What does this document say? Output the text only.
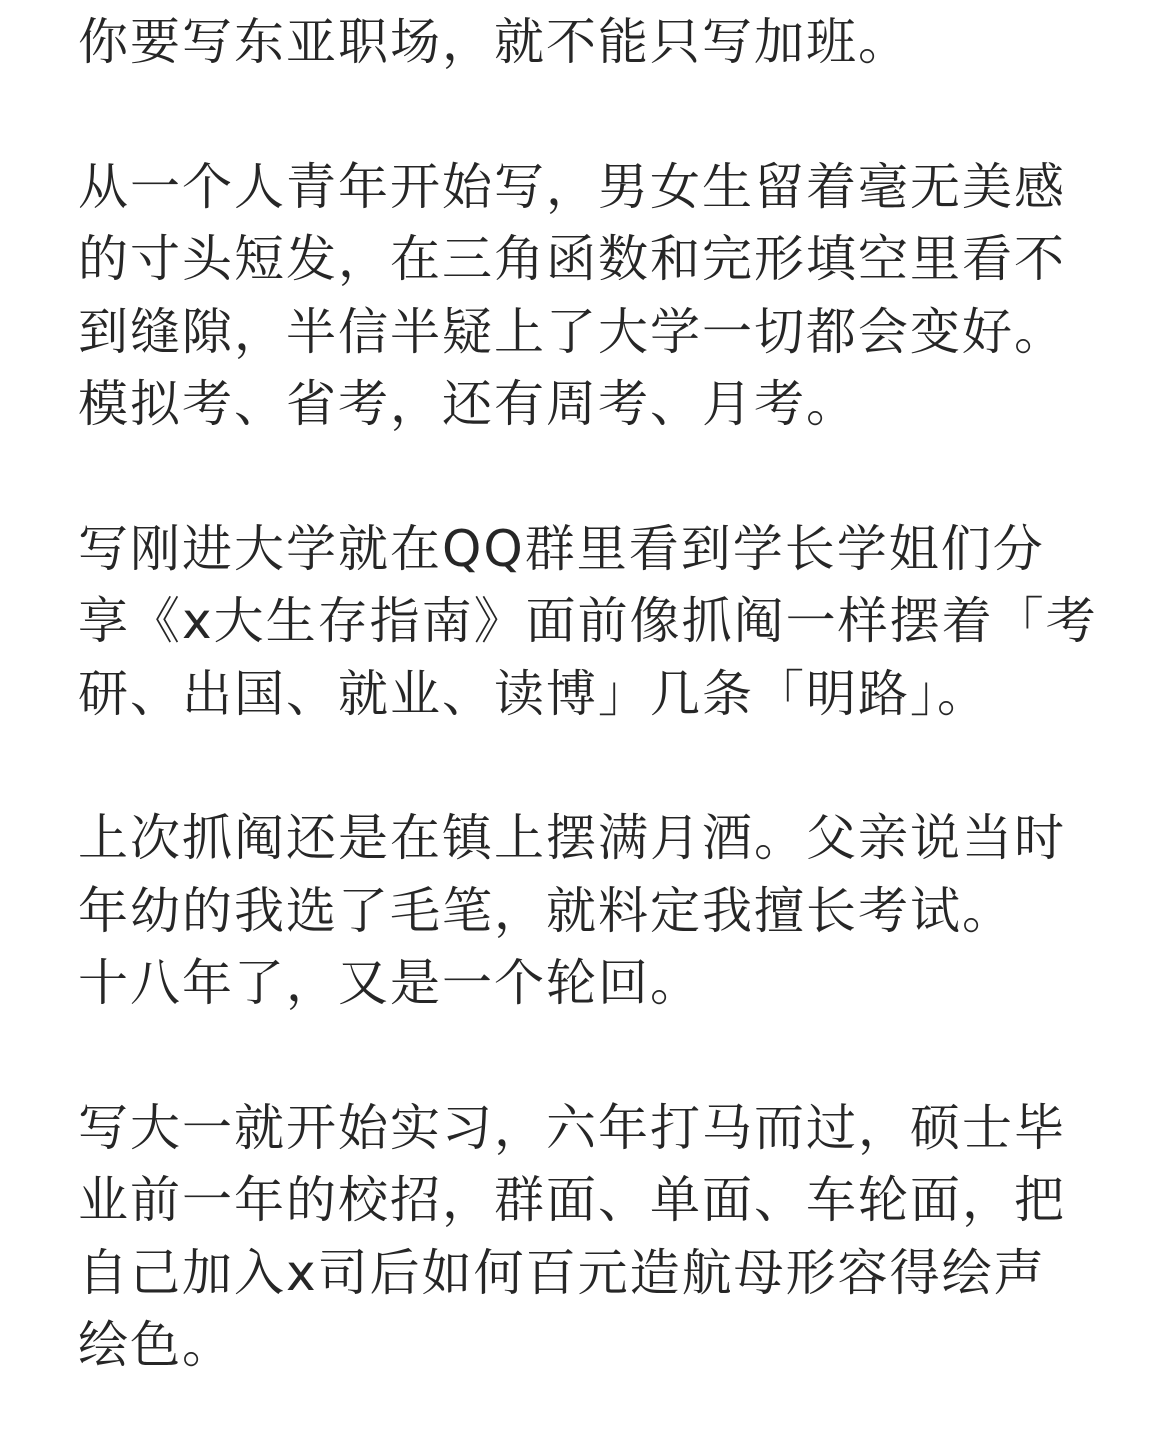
你要写东亚职场，就不能只写加班。
从一个人青年开始写，男女生留着毫无美感
的寸头短发，在三角函数和完形填空里看不
到缝隙，半信半疑上了大学一切都会变好。
模拟考、省考，还有周考、月考。
写刚进大学就在QQ群里看到学长学姐们分
享《x大生存指南》面前像抓阄一样摆着「考
研、出国、就业、读博」几条「明路」。
上次抓阄还是在镇上摆满月酒。父亲说当时
年幼的我选了毛笔，就料定我擅长考试。
十八年了，又是一个轮回。
写大一就开始实习，六年打马而过，硕士毕
业前一年的校招，群面、单面、车轮面，把
自己加入x司后如何百元造航母形容得绘声
绘色。
